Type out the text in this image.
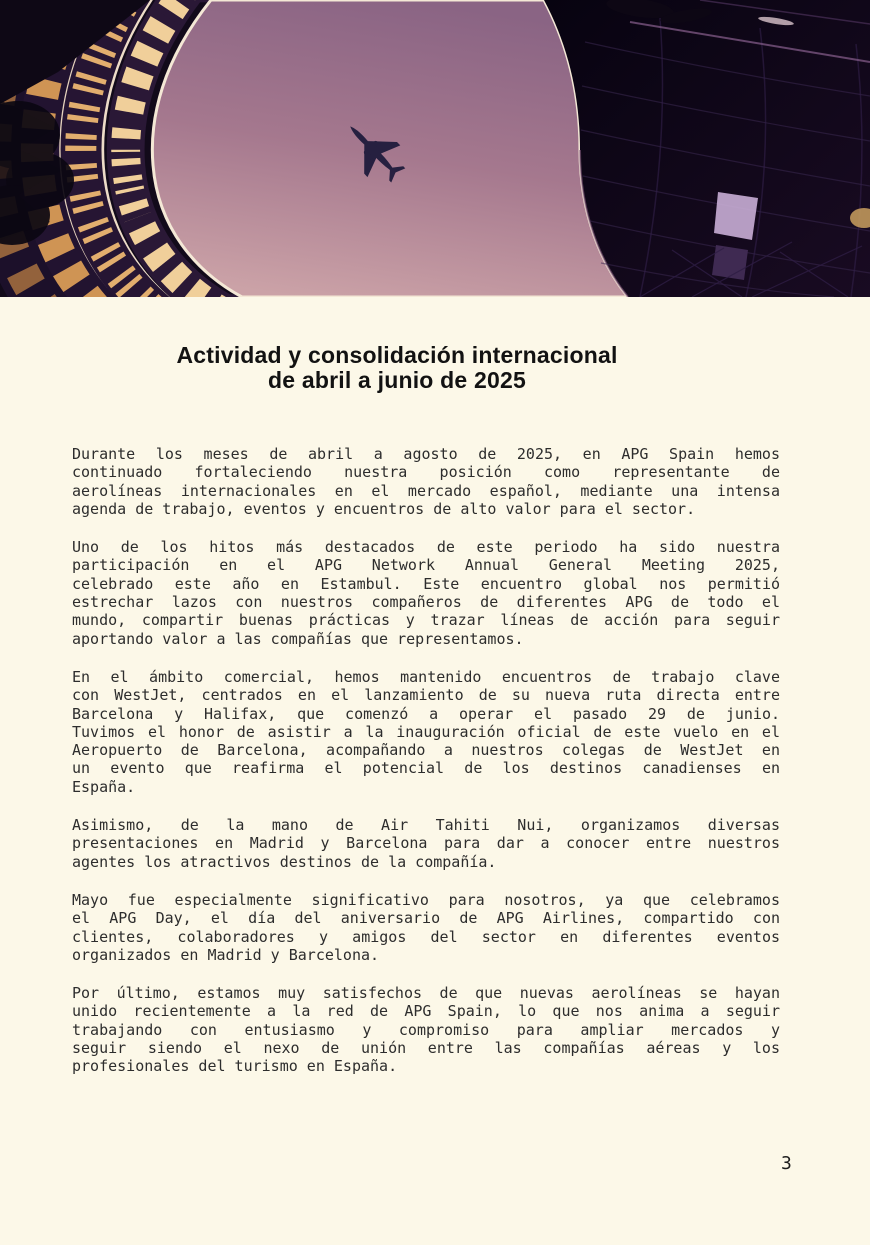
Actividad y consolidación internacional
de abril a junio de 2025
Durante los meses de abril a agosto de 2025, en APG Spain hemos
continuado fortaleciendo nuestra posición como representante de
aerolíneas internacionales en el mercado español, mediante una intensa
agenda de trabajo, eventos y encuentros de alto valor para el sector.
Uno de los hitos más destacados de este periodo ha sido nuestra
participación en el APG Network Annual General Meeting 2025,
celebrado este año en Estambul. Este encuentro global nos permitió
estrechar lazos con nuestros compañeros de diferentes APG de todo el
mundo, compartir buenas prácticas y trazar líneas de acción para seguir
aportando valor a las compañías que representamos.
En el ámbito comercial, hemos mantenido encuentros de trabajo clave
con WestJet, centrados en el lanzamiento de su nueva ruta directa entre
Barcelona y Halifax, que comenzó a operar el pasado 29 de junio.
Tuvimos el honor de asistir a la inauguración oficial de este vuelo en el
Aeropuerto de Barcelona, acompañando a nuestros colegas de WestJet en
un evento que reafirma el potencial de los destinos canadienses en
España.
Asimismo, de la mano de Air Tahiti Nui, organizamos diversas
presentaciones en Madrid y Barcelona para dar a conocer entre nuestros
agentes los atractivos destinos de la compañía.
Mayo fue especialmente significativo para nosotros, ya que celebramos
el APG Day, el día del aniversario de APG Airlines, compartido con
clientes, colaboradores y amigos del sector en diferentes eventos
organizados en Madrid y Barcelona.
Por último, estamos muy satisfechos de que nuevas aerolíneas se hayan
unido recientemente a la red de APG Spain, lo que nos anima a seguir
trabajando con entusiasmo y compromiso para ampliar mercados y
seguir siendo el nexo de unión entre las compañías aéreas y los
profesionales del turismo en España.
3
